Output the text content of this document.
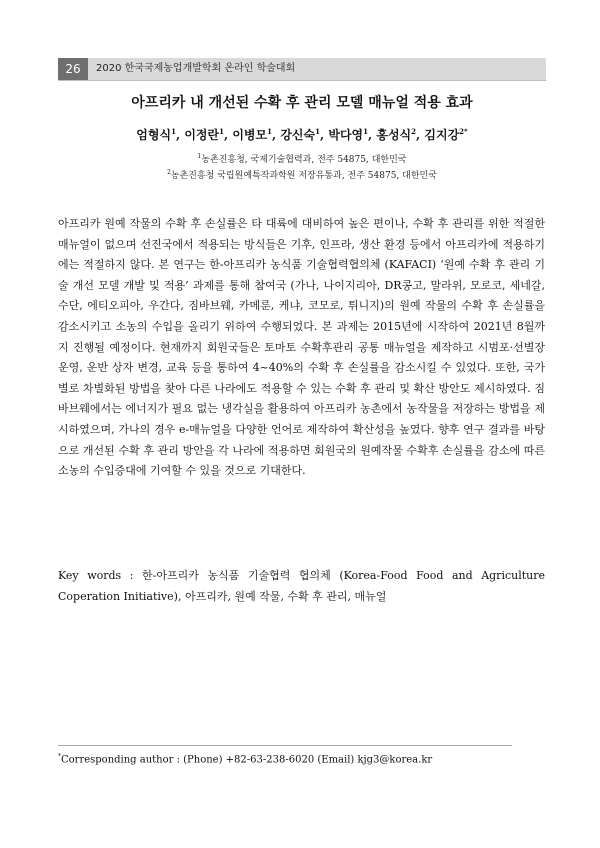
26	2020 한국국제농업개발학회 온라인 학술대회
아프리카 내 개선된 수확 후 관리 모델 매뉴얼 적용 효과
엄형식$^1$, 이정란$^1$, 이병모$^1$, 강신숙$^1$, 박다영$^1$, 홍성식$^2$, 김지강$^{2*}$
$^1$농촌진흥청, 국제기술협력과, 전주 54875, 대한민국
$^2$농촌진흥청 국립원예특작과학원 저장유통과, 전주 54875, 대한민국

아프리카 원예 작물의 수확 후 손실률은 타 대륙에 대비하여 높은 편이나, 수확 후 관리를 위한 적절한 매뉴얼이 없으며 선진국에서 적용되는 방식들은 기후, 인프라, 생산 환경 등에서 아프리카에 적용하기에는 적절하지 않다. 본 연구는 한-아프리카 농식품 기술협력협의체 (KAFACI) ‘원예 수확 후 관리 기술 개선 모델 개발 및 적용’ 과제를 통해 참여국 (가나, 나이지리아, DR콩고, 말라위, 모로코, 세네갈, 수단, 에티오피아, 우간다, 짐바브웨, 카메룬, 케냐, 코모로, 튀니지)의 원예 작물의 수확 후 손실률을 감소시키고 소농의 수입을 올리기 위하여 수행되었다. 본 과제는 2015년에 시작하여 2021년 8월까지 진행될 예정이다. 현재까지 회원국들은 토마토 수확후관리 공통 매뉴얼을 제작하고 시범포·선별장 운영, 운반 상자 변경, 교육 등을 통하여 4~40%의 수확 후 손실률을 감소시킬 수 있었다. 또한, 국가별로 차별화된 방법을 찾아 다른 나라에도 적용할 수 있는 수확 후 관리 및 확산 방안도 제시하였다. 짐바브웨에서는 에너지가 필요 없는 냉각실을 활용하여 아프리카 농촌에서 농작물을 저장하는 방법을 제시하였으며, 가나의 경우 e-매뉴얼을 다양한 언어로 제작하여 확산성을 높였다. 향후 연구 결과를 바탕으로 개선된 수확 후 관리 방안을 각 나라에 적용하면 회원국의 원예작물 수확후 손실률을 감소에 따른 소농의 수입증대에 기여할 수 있을 것으로 기대한다.

Key words : 한-아프리카 농식품 기술협력 협의체 (Korea-Food Food and Agriculture Coperation Initiative), 아프리카, 원예 작물, 수확 후 관리, 매뉴얼

*Corresponding author : (Phone) +82-63-238-6020 (Email) kjg3@korea.kr
